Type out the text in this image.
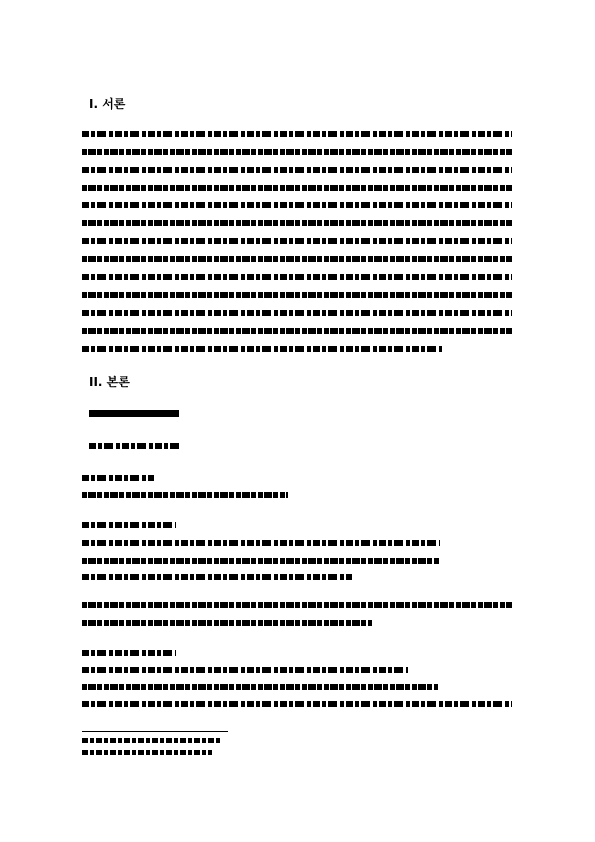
I. 서론
II. 본론
